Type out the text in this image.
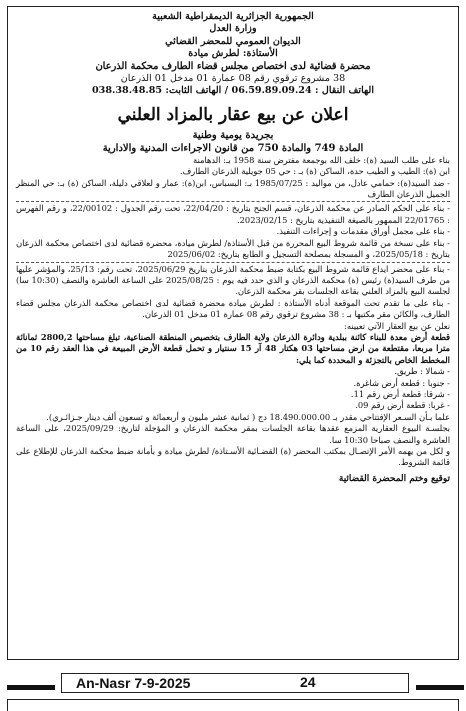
﻿
الجمهورية الجزائرية الديمقراطية الشعبية
وزارة العدل
الديوان العمومي للمحضر القضائي
الأستاذة: لطرش ميادة
محضرة قضائية لدى اختصاص مجلس قضاء الطارف محكمة الذرعان
38 مشروع ترقوي رقم 08 عمارة 01 مدخل 01 الذرعان
الهاتف النقال : 06.59.89.09.24 / الهاتف الثابت: 038.38.48.85
اعلان عن بيع عقار بالمزاد العلني
بجريدة يومية وطنية
المادة 749 والمادة 750 من قانون الاجراءات المدنية والادارية

بناء على طلب السيد (ة): خلف الله بوجمعة مفترض سنة 1958 بـ: الدهامنة

ابن (ة): الطيب و الطيب حدة، الساكن (ة) بـ : حي 05 جويلية الذرعان الطارف.

- ضد السيد(ة): حمامي عادل، من مواليد : 1985/07/25 بـ: البسباس، ابن(ة): عمار و لعلاقي دليلة، الساكن (ة) بـ: حي المنظر الجميل الذرعان الطارف

- بناء على الحكم الصادر عن محكمة الذرعان، قسم الجنح بتاريخ : 22/04/20، تحت رقم الجدول : 22/00102، و رقم الفهرس : 22/01765 الممهور بالصيغة التنفيذية بتاريخ : 2023/02/15.

- بناء على مجمل أوراق مقدمات و إجراءات التنفيذ.

- بناء على نسخة من قائمة شروط البيع المحررة من قبل الأستاذة/ لطرش ميادة، محضرة قضائية لدى اختصاص محكمة الذرعان بتاريخ : 2025/05/18، و المسجلة بمصلحة التسجيل و الطابع بتاريخ: 2025/06/02

- بناء على محضر ايداع قائمة شروط البيع بكتابة ضبط محكمة الذرعان بتاريخ 2025/06/29، تحت رقم: 25/13، والمؤشر عليها من طرف السيد(ة) رئيس (ة) محكمة الذرعان و الذي حدد فيه يوم : 2025/08/25 على الساعة العاشرة والنصف (10:30 سا) لجلسة البيع بالمزاد العلني بقاعة الجلسات بقر محكمة الذرعان.

- بناء على ما تقدم تحت الموقعة أدناه الأستاذة : لطرش ميادة محضرة قضائية لدى اختصاص محكمة الذرعان مجلس قضاء الطارف، والكائن مقر مكتبها بـ : 38 مشروع ترقوي رقم 08 عمارة 01 مدخل 01 الذرعان.

نعلن عن بيع العقار الآتي تعيينه:

قطعة أرض معدة للبناء كائنة ببلدية ودائرة الذرعان ولاية الطارف بتخصيص المنطقة الصناعية، تبلغ مساحتها 2800,2 ثمانائة مترا مربعا، مقتطعة من ارض مساحتها 03 هكتار 48 آر 15 سنتيار و تحمل قطعة الأرض المبيعة في هذا العقد رقم 10 من المخطط الخاص بالتجزئة و المحددة كما يلي:

- شمالا : طريق.

- جنوبا : قطعة أرض شاغرة.

- شرقا: قطعة أرض رقم 11.

- غربا: قطعة أرض رقم 09.

علما بـأن السـعر الإفتتاحي مقدر بـ 18.490.000.00 دج ( ثمانية عشر مليون و أربعمائة و تسعون ألف دينار جـزائـري).

بجلسـة البيوع العقارية المزمع عقدها بقاعة الجلسات بمقر محكمة الذرعان و المؤجلة لتاريخ: 2025/09/29، على الساعة العاشرة والنصف صباحا 10:30 سا.

و لكل من يهمه الأمر الإتصـال بمكتب المحضر (ة) القضـائية الأسـتاذة/ لطرش ميادة و بأمانة ضبط محكمة الذرعان للإطلاع على قائمة الشروط.

توقيع وختم المحضرة القضائية
An-Nasr 7-9-2025	24
